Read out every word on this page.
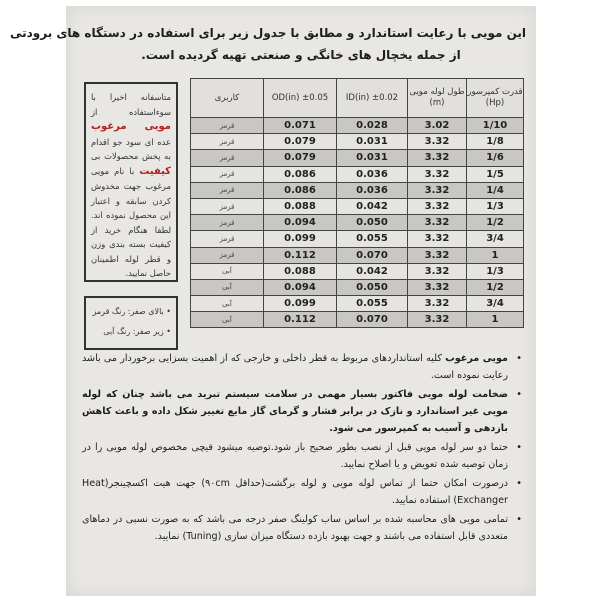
این مویی با رعایت استاندارد و مطابق با جدول زیر برای استفاده در دستگاه های برودتی
از جمله یخچال های خانگی و صنعتی تهیه گردیده است.
متاسفانه اخیرا با سوءاستفاده از مویی مرغوب عده ای سود جو اقدام به پخش محصولات بی کیفیت با نام مویی مرغوب جهت مخدوش کردن سابقه و اعتبار این محصول نموده اند. لطفا هنگام خرید از کیفیت بسته بندی وزن و قطر لوله اطمینان حاصل نمایید.
• بالای صفر: رنگ قرمز
• زیر صفر: رنگ آبی
قدرت کمپرسور (Hp)	طول لوله مویی (m)	ID(in) ±0.02	OD(in) ±0.05	کاربری
1/10	3.02	0.028	0.071	قرمز
1/8	3.32	0.031	0.079	قرمز
1/6	3.32	0.031	0.079	قرمز
1/5	3.32	0.036	0.086	قرمز
1/4	3.32	0.036	0.086	قرمز
1/3	3.32	0.042	0.088	قرمز
1/2	3.32	0.050	0.094	قرمز
3/4	3.32	0.055	0.099	قرمز
1	3.32	0.070	0.112	قرمز
1/3	3.32	0.042	0.088	آبی
1/2	3.32	0.050	0.094	آبی
3/4	3.32	0.055	0.099	آبی
1	3.32	0.070	0.112	آبی
•
مویی مرغوب کلیه استانداردهای مربوط به قطر داخلی و خارجی که از اهمیت بسزایی برخوردار می باشد رعایت نموده است.
•
ضخامت لوله مویی فاکتور بسیار مهمی در سلامت سیستم تبرید می باشد چنان که لوله مویی غیر استاندارد و نازک در برابر فشار و گرمای گاز مایع تغییر شکل داده و باعث کاهش بازدهی و آسیب به کمپرسور می شود.
•
حتما دو سر لوله مویی قبل از نصب بطور صحیح باز شود.توصیه میشود قیچی مخصوص لوله مویی را در زمان توصیه شده تعویض و یا اصلاح نمایید.
•
درصورت امکان حتما از تماس لوله مویی و لوله برگشت(حداقل ۹۰cm) جهت هیت اکسچینجر(Heat Exchanger) استفاده نمایید.
•
تمامی مویی های محاسبه شده بر اساس ساب کولینگ صفر درجه می باشد که به صورت نسبی در دماهای متعددی قابل استفاده می باشند و جهت بهبود بازده دستگاه میزان سازی (Tuning) نمایید.
